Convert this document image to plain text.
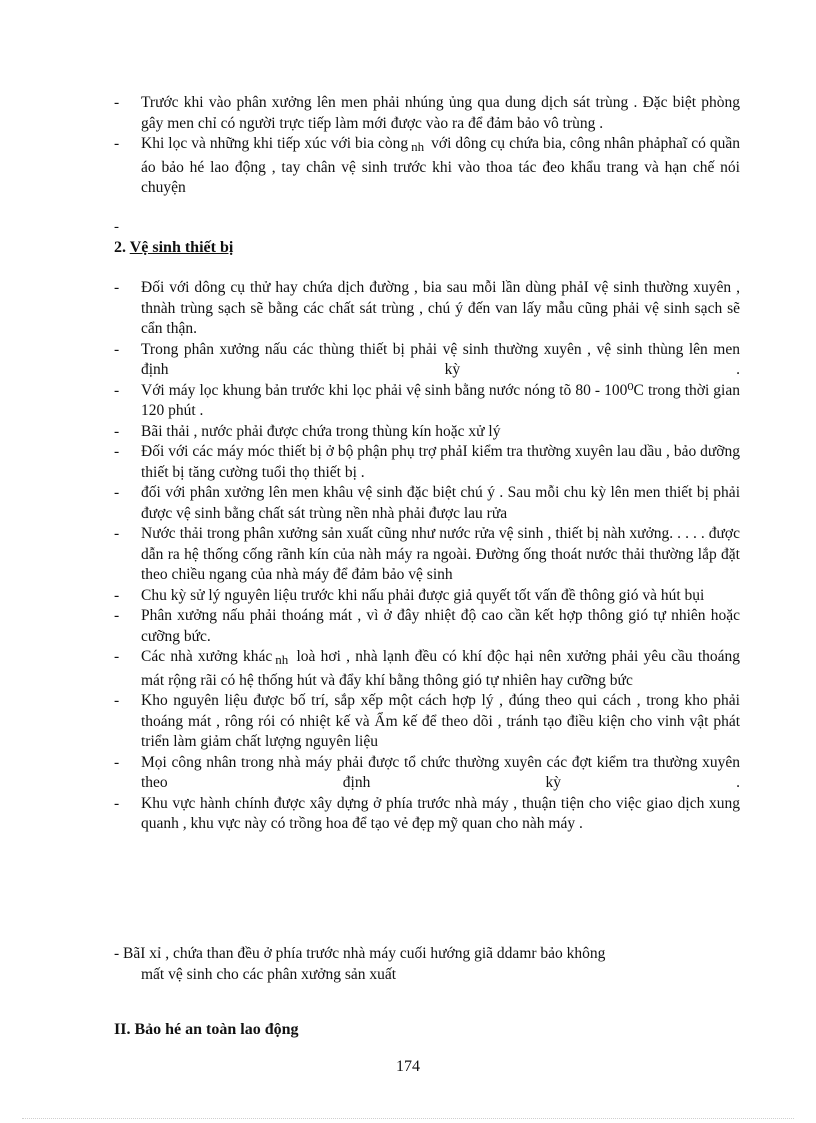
-	Trước khi vào phân xưởng lên men phải nhúng ủng qua dung dịch sát trùng . Đặc biệt phòng gây men chỉ có người trực tiếp làm mới được vào ra để đảm bảo vô trùng .
-	Khi lọc và những khi tiếp xúc với bia còng $_{nh}$ với dông cụ chứa bia, công nhân phảphaĩ có quần áo bảo hé lao động , tay chân vệ sinh trước khi vào thoa tác đeo khẩu trang và hạn chế nói chuyện
-
2. Vệ sinh thiết bị
-	Đối với dông cụ thử hay chứa dịch đường , bia sau mỗi lần dùng phảI vệ sinh thường xuyên , thnàh trùng sạch sẽ bằng các chất sát trùng , chú ý đến van lấy mẫu cũng phải vệ sinh sạch sẽ cẩn thận.
-	Trong phân xưởng nấu các thùng thiết bị phải vệ sinh thường xuyên , vệ sinh thùng lên men định kỳ .
-	Với máy lọc khung bản trước khi lọc phải vệ sinh bằng nước nóng tõ 80 - 100⁰C trong thời gian 120 phút .
-	Bãi thải , nước phải được chứa trong thùng kín hoặc xử lý
-	Đối với các máy móc thiết bị ở bộ phận phụ trợ phảI kiểm tra thường xuyên lau dầu , bảo dưỡng thiết bị tăng cường tuổi thọ thiết bị .
-	đối với phân xưởng lên men khâu vệ sinh đặc biệt chú ý . Sau mỗi chu kỳ lên men thiết bị phải được vệ sinh bằng chất sát trùng nền nhà phải được lau rửa
-	Nước thải trong phân xưởng sản xuất cũng như nước rửa vệ sinh , thiết bị nàh xưởng. . . . . được dẫn ra hệ thống cống rãnh kín của nàh máy ra ngoài. Đường ống thoát nước thải thường lắp đặt theo chiều ngang của nhà máy để đảm bảo vệ sinh
-	Chu kỳ sử lý nguyên liệu trước khi nấu phải được giả quyết tốt vấn đề thông gió và hút bụi
-	Phân xưởng nấu phải thoáng mát , vì ở đây nhiệt độ cao cần kết hợp thông gió tự nhiên hoặc cưỡng bức.
-	Các nhà xưởng khác $_{nh}$ loà hơi , nhà lạnh đều có khí độc hại nên xưởng phải yêu cầu thoáng mát rộng rãi có hệ thống hút và đẩy khí bằng thông gió tự nhiên hay cưỡng bức
-	Kho nguyên liệu được bố trí, sắp xếp một cách hợp lý , đúng theo qui cách , trong kho phải thoáng mát , rông rói có nhiệt kế và Ẩm kế để theo dõi , tránh tạo điều kiện cho vinh vật phát triển làm giảm chất lượng nguyên liệu
-	Mọi công nhân trong nhà máy phải được tổ chức thường xuyên các đợt kiểm tra thường xuyên theo định kỳ .
-	Khu vực hành chính được xây dựng ở phía trước nhà máy , thuận tiện cho việc giao dịch xung quanh , khu vực này có trồng hoa để tạo vẻ đẹp mỹ quan cho nàh máy .
- BãI xỉ , chứa than đều ở phía trước nhà máy cuối hướng giã ddamr bảo không
mất vệ sinh cho các phân xưởng sản xuất
II. Bảo hé an toàn lao động
174
